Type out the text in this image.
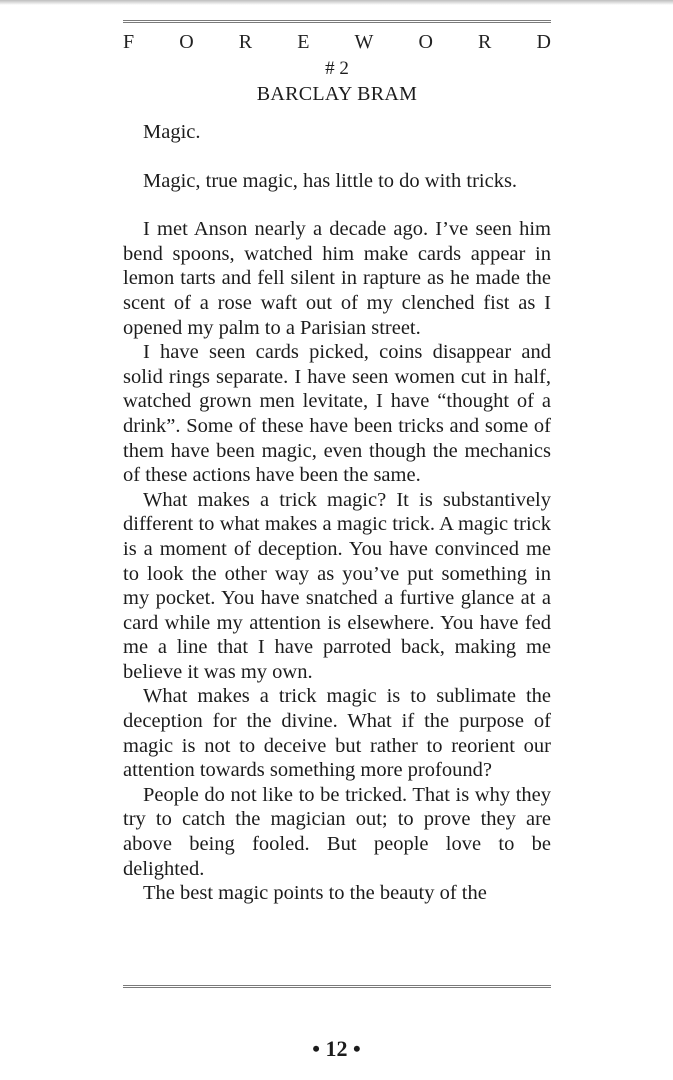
F O R E W O R D
# 2
BARCLAY BRAM

Magic.

Magic, true magic, has little to do with tricks.

I met Anson nearly a decade ago. I’ve seen him bend spoons, watched him make cards appear in lemon tarts and fell silent in rapture as he made the scent of a rose waft out of my clenched fist as I opened my palm to a Parisian street.

I have seen cards picked, coins disappear and solid rings separate. I have seen women cut in half, watched grown men levitate, I have “thought of a drink”. Some of these have been tricks and some of them have been magic, even though the mechanics of these actions have been the same.

What makes a trick magic? It is substantively different to what makes a magic trick. A magic trick is a moment of deception. You have convinced me to look the other way as you’ve put something in my pocket. You have snatched a furtive glance at a card while my attention is elsewhere. You have fed me a line that I have parroted back, making me believe it was my own.

What makes a trick magic is to sublimate the deception for the divine. What if the purpose of magic is not to deceive but rather to reorient our attention towards something more profound?

People do not like to be tricked. That is why they try to catch the magician out; to prove they are above being fooled. But people love to be delighted.

The best magic points to the beauty of the

• 12 •
